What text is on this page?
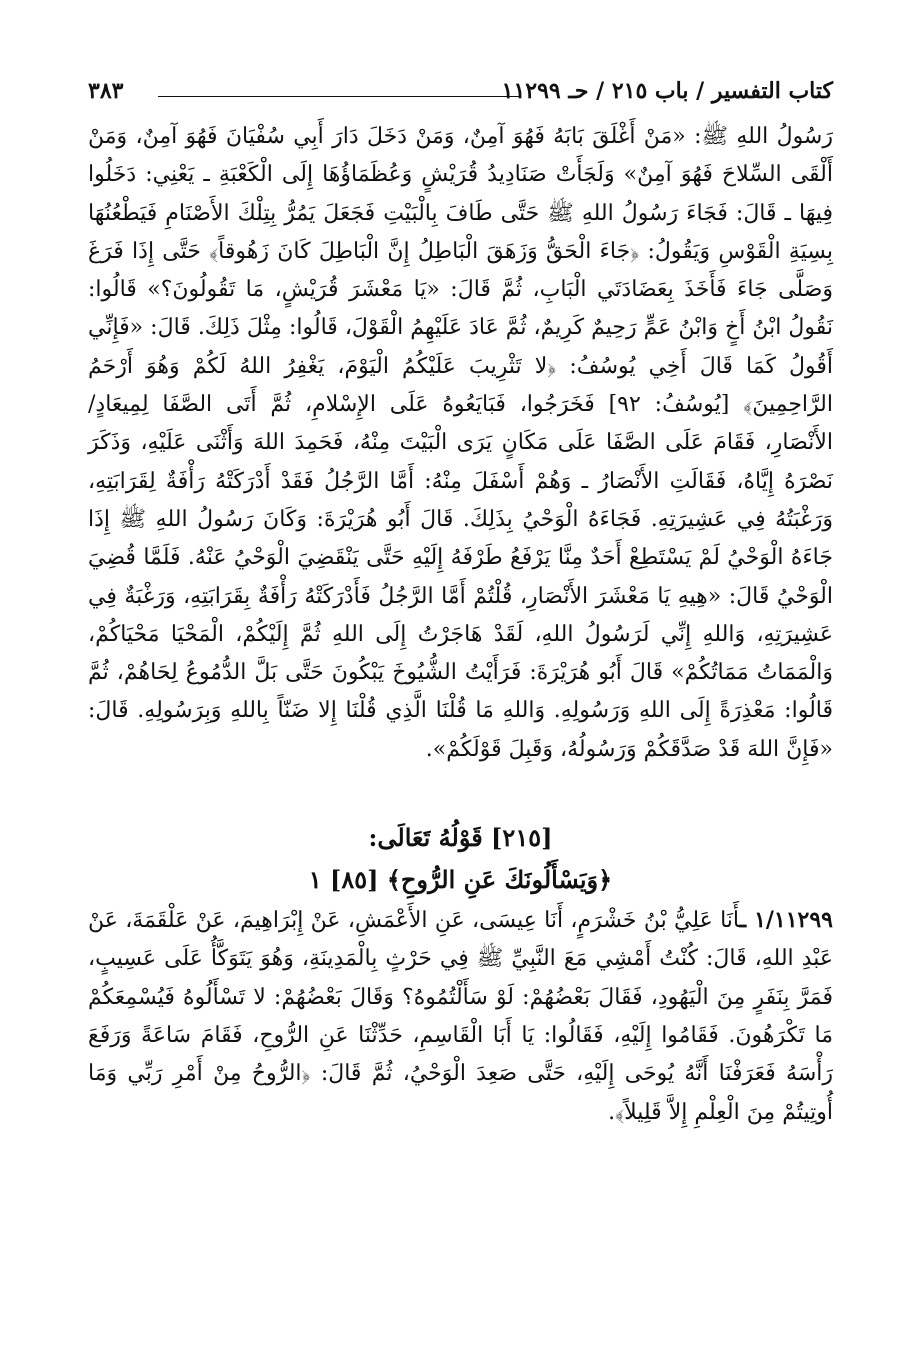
كتاب التفسير / باب ٢١٥ / حـ ١١٢٩٩
٣٨٣

رَسُولُ اللهِ ﷺ: «مَنْ أَغْلَقَ بَابَهُ فَهُوَ آمِنٌ، وَمَنْ دَخَلَ دَارَ أَبِي سُفْيَانَ فَهُوَ آمِنٌ، وَمَنْ أَلْقَى السِّلاحَ فَهُوَ آمِنٌ» وَلَجَأَتْ صَنَادِيدُ قُرَيْشٍ وَعُظَمَاؤُهَا إِلَى الْكَعْبَةِ ـ يَعْنِي: دَخَلُوا فِيهَا ـ قَالَ: فَجَاءَ رَسُولُ اللهِ ﷺ حَتَّى طَافَ بِالْبَيْتِ فَجَعَلَ يَمُرُّ بِتِلْكَ الأَصْنَامِ فَيَطْعُنُهَا بِسِيَةِ الْقَوْسِ وَيَقُولُ: ﴿جَاءَ الْحَقُّ وَزَهَقَ الْبَاطِلُ إِنَّ الْبَاطِلَ كَانَ زَهُوقاً﴾ حَتَّى إِذَا فَرَغَ وَصَلَّى جَاءَ فَأَخَذَ بِعَضَادَتَي الْبَابِ، ثُمَّ قَالَ: «يَا مَعْشَرَ قُرَيْشٍ، مَا تَقُولُونَ؟» قَالُوا: نَقُولُ ابْنُ أَخٍ وَابْنُ عَمٍّ رَحِيمٌ كَرِيمٌ، ثُمَّ عَادَ عَلَيْهِمُ الْقَوْلَ، قَالُوا: مِثْلَ ذَلِكَ. قَالَ: «فَإِنِّي أَقُولُ كَمَا قَالَ أَخِي يُوسُفُ: ﴿لا تَثْرِيبَ عَلَيْكُمُ الْيَوْمَ، يَغْفِرُ اللهُ لَكُمْ وَهُوَ أَرْحَمُ الرَّاحِمِينَ﴾ [يُوسُفُ: ٩٢] فَخَرَجُوا، فَبَايَعُوهُ عَلَى الإِسْلامِ، ثُمَّ أَتَى الصَّفَا لِمِيعَادٍ/ الأَنْصَارِ، فَقَامَ عَلَى الصَّفَا عَلَى مَكَانٍ يَرَى الْبَيْتَ مِنْهُ، فَحَمِدَ اللهَ وَأَثْنَى عَلَيْهِ، وَذَكَرَ نَصْرَهُ إِيَّاهُ، فَقَالَتِ الأَنْصَارُ ـ وَهُمْ أَسْفَلَ مِنْهُ: أَمَّا الرَّجُلُ فَقَدْ أَدْرَكَتْهُ رَأْفَةٌ لِقَرَابَتِهِ، وَرَغْبَتُهُ فِي عَشِيرَتِهِ. فَجَاءَهُ الْوَحْيُ بِذَلِكَ. قَالَ أَبُو هُرَيْرَةَ: وَكَانَ رَسُولُ اللهِ ﷺ إِذَا جَاءَهُ الْوَحْيُ لَمْ يَسْتَطِعْ أَحَدٌ مِنَّا يَرْفَعُ طَرْفَهُ إِلَيْهِ حَتَّى يَنْقَضِيَ الْوَحْيُ عَنْهُ. فَلَمَّا قُضِيَ الْوَحْيُ قَالَ: «هِيهِ يَا مَعْشَرَ الأَنْصَارِ، قُلْتُمْ أَمَّا الرَّجُلُ فَأَدْرَكَتْهُ رَأْفَةٌ بِقَرَابَتِهِ، وَرَغْبَةٌ فِي عَشِيرَتِهِ، وَاللهِ إِنِّي لَرَسُولُ اللهِ، لَقَدْ هَاجَرْتُ إِلَى اللهِ ثُمَّ إِلَيْكُمْ، الْمَحْيَا مَحْيَاكُمْ، وَالْمَمَاتُ مَمَاتُكُمْ» قَالَ أَبُو هُرَيْرَةَ: فَرَأَيْتُ الشُّيُوخَ يَبْكُونَ حَتَّى بَلَّ الدُّمُوعُ لِحَاهُمْ، ثُمَّ قَالُوا: مَعْذِرَةً إِلَى اللهِ وَرَسُولِهِ. وَاللهِ مَا قُلْنَا الَّذِي قُلْنَا إِلا ضَنّاً بِاللهِ وَبِرَسُولِهِ. قَالَ: «فَإِنَّ اللهَ قَدْ صَدَّقَكُمْ وَرَسُولُهُ، وَقَبِلَ قَوْلَكُمْ».

[٢١٥] قَوْلُهُ تَعَالَى:
﴿وَيَسْأَلُونَكَ عَنِ الرُّوحِ﴾ [٨٥] ١

١/١١٢٩٩ ـأَنَا عَلِيُّ بْنُ خَشْرَمٍ، أَنَا عِيسَى، عَنِ الأَعْمَشِ، عَنْ إِبْرَاهِيمَ، عَنْ عَلْقَمَةَ، عَنْ عَبْدِ اللهِ، قَالَ: كُنْتُ أَمْشِي مَعَ النَّبِيِّ ﷺ فِي حَرْثٍ بِالْمَدِينَةِ، وَهُوَ يَتَوَكَّأُ عَلَى عَسِيبٍ، فَمَرَّ بِنَفَرٍ مِنَ الْيَهُودِ، فَقَالَ بَعْضُهُمْ: لَوْ سَأَلْتُمُوهُ؟ وَقَالَ بَعْضُهُمْ: لا تَسْأَلُوهُ فَيُسْمِعَكُمْ مَا تَكْرَهُونَ. فَقَامُوا إِلَيْهِ، فَقَالُوا: يَا أَبَا الْقَاسِمِ، حَدِّثْنَا عَنِ الرُّوحِ، فَقَامَ سَاعَةً وَرَفَعَ رَأْسَهُ فَعَرَفْنَا أَنَّهُ يُوحَى إِلَيْهِ، حَتَّى صَعِدَ الْوَحْيُ، ثُمَّ قَالَ: ﴿الرُّوحُ مِنْ أَمْرِ رَبِّي وَمَا أُوتِيتُمْ مِنَ الْعِلْمِ إِلاَّ قَلِيلاً﴾.
